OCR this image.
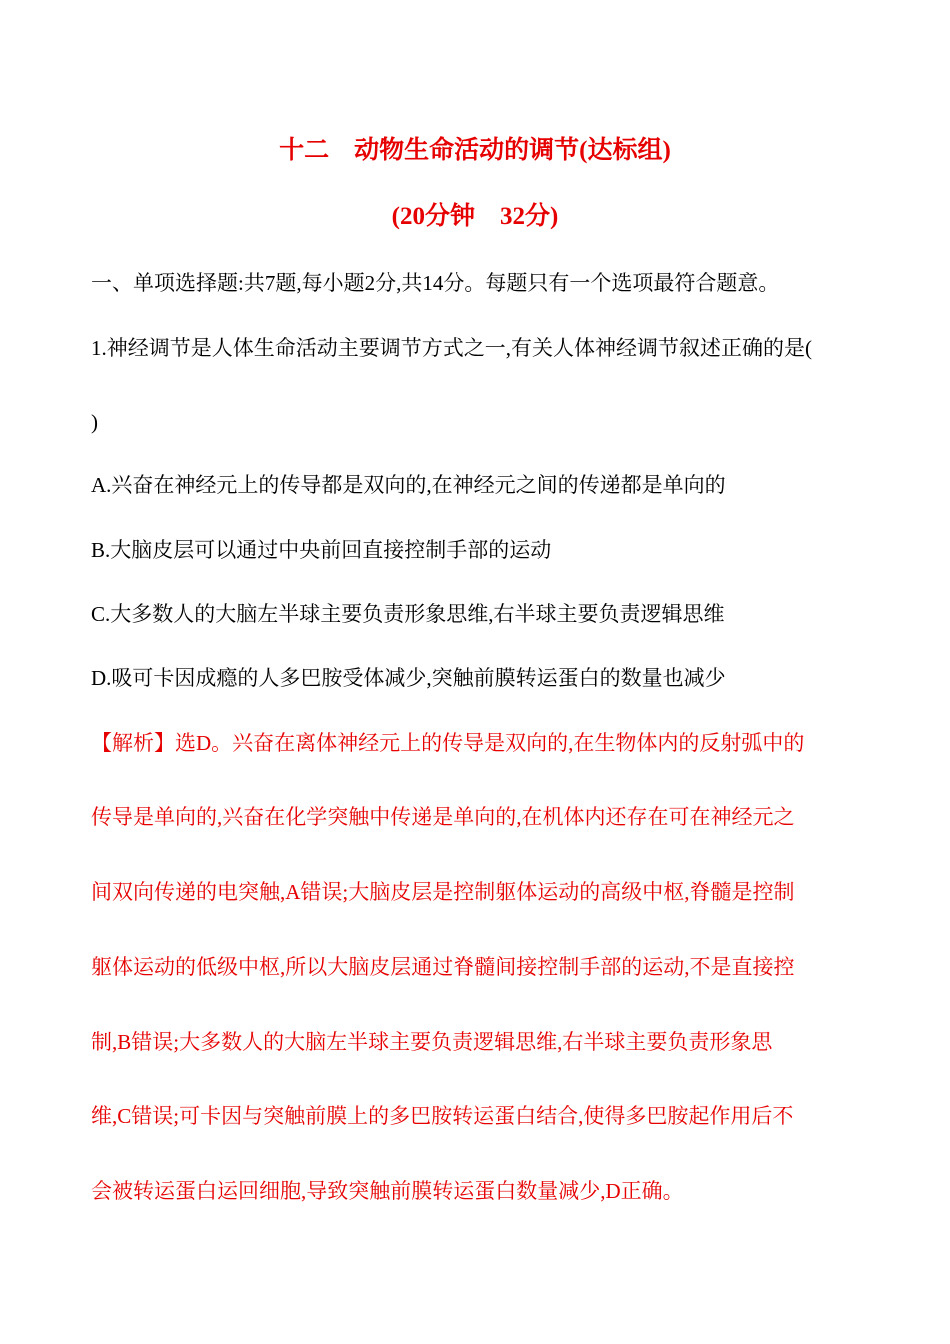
十二　动物生命活动的调节(达标组)
(20分钟　32分)
一、单项选择题:共7题,每小题2分,共14分。每题只有一个选项最符合题意。
1.神经调节是人体生命活动主要调节方式之一,有关人体神经调节叙述正确的是(
)
A.兴奋在神经元上的传导都是双向的,在神经元之间的传递都是单向的
B.大脑皮层可以通过中央前回直接控制手部的运动
C.大多数人的大脑左半球主要负责形象思维,右半球主要负责逻辑思维
D.吸可卡因成瘾的人多巴胺受体减少,突触前膜转运蛋白的数量也减少
【解析】选D。兴奋在离体神经元上的传导是双向的,在生物体内的反射弧中的
传导是单向的,兴奋在化学突触中传递是单向的,在机体内还存在可在神经元之
间双向传递的电突触,A错误;大脑皮层是控制躯体运动的高级中枢,脊髓是控制
躯体运动的低级中枢,所以大脑皮层通过脊髓间接控制手部的运动,不是直接控
制,B错误;大多数人的大脑左半球主要负责逻辑思维,右半球主要负责形象思
维,C错误;可卡因与突触前膜上的多巴胺转运蛋白结合,使得多巴胺起作用后不
会被转运蛋白运回细胞,导致突触前膜转运蛋白数量减少,D正确。
